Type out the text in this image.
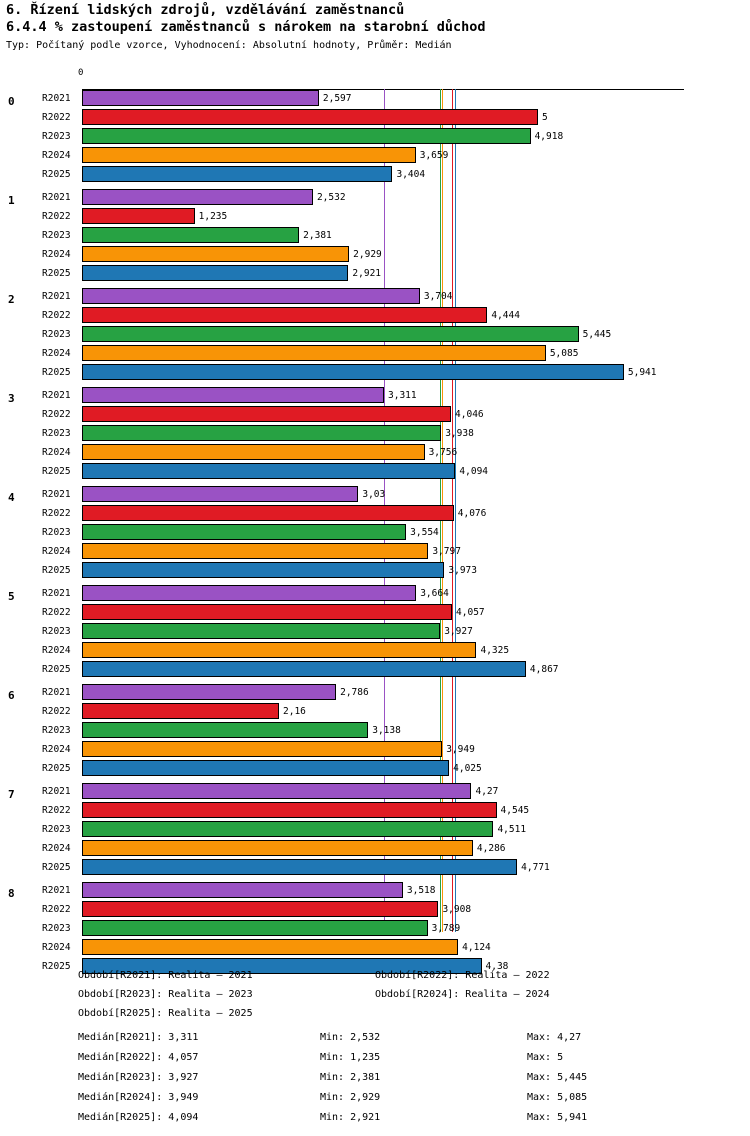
6. Řízení lidských zdrojů, vzdělávání zaměstnanců
6.4.4 % zastoupení zaměstnanců s nárokem na starobní důchod
Typ: Počítaný podle vzorce, Vyhodnocení: Absolutní hodnoty, Průměr: Medián
0
0	R2021	2,597
R2022	5
R2023	4,918
R2024	3,659
R2025	3,404
1	R2021	2,532
R2022	1,235
R2023	2,381
R2024	2,929
R2025	2,921
2	R2021	3,704
R2022	4,444
R2023	5,445
R2024	5,085
R2025	5,941
3	R2021	3,311
R2022	4,046
R2023	3,938
R2024	3,756
R2025	4,094
4	R2021	3,03
R2022	4,076
R2023	3,554
R2024	3,797
R2025	3,973
5	R2021	3,664
R2022	4,057
R2023	3,927
R2024	4,325
R2025	4,867
6	R2021	2,786
R2022	2,16
R2023	3,138
R2024	3,949
R2025	4,025
7	R2021	4,27
R2022	4,545
R2023	4,511
R2024	4,286
R2025	4,771
8	R2021	3,518
R2022	3,908
R2023	3,789
R2024	4,124
R2025	4,38
Období[R2021]: Realita – 2021	Období[R2022]: Realita – 2022
Období[R2023]: Realita – 2023	Období[R2024]: Realita – 2024
Období[R2025]: Realita – 2025
Medián[R2021]: 3,311	Min: 2,532	Max: 4,27
Medián[R2022]: 4,057	Min: 1,235	Max: 5
Medián[R2023]: 3,927	Min: 2,381	Max: 5,445
Medián[R2024]: 3,949	Min: 2,929	Max: 5,085
Medián[R2025]: 4,094	Min: 2,921	Max: 5,941
